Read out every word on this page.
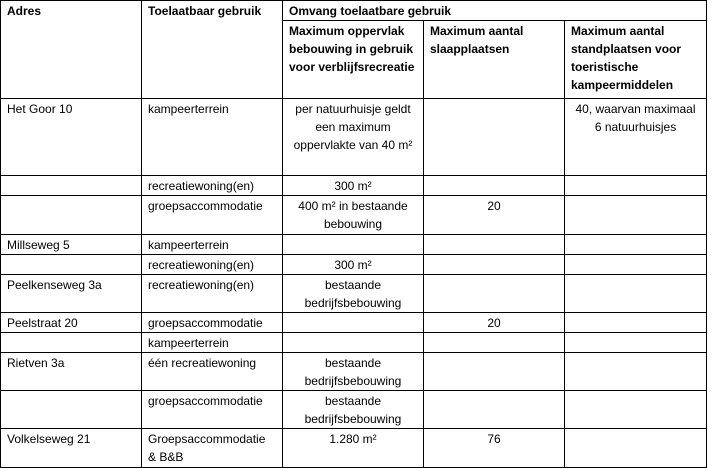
Adres	Toelaatbaar gebruik	Omvang toelaatbare gebruik		
		Maximum oppervlak bebouwing in gebruik voor verblijfsrecreatie	Maximum aantal slaapplaatsen	Maximum aantal standplaatsen voor toeristische kampeermiddelen
Het Goor 10	kampeerterrein	per natuurhuisje geldt een maximum oppervlakte van 40 m²		40, waarvan maximaal 6 natuurhuisjes
	recreatiewoning(en)	300 m²		
	groepsaccommodatie	400 m² in bestaande bebouwing	20	
Millseweg 5	kampeerterrein			
	recreatiewoning(en)	300 m²		
Peelkenseweg 3a	recreatiewoning(en)	bestaande bedrijfsbebouwing		
Peelstraat 20	groepsaccommodatie		20	
	kampeerterrein			
Rietven 3a	één recreatiewoning	bestaande bedrijfsbebouwing		
	groepsaccommodatie	bestaande bedrijfsbebouwing		
Volkelseweg 21	Groepsaccommodatie & B&B	1.280 m²	76	
